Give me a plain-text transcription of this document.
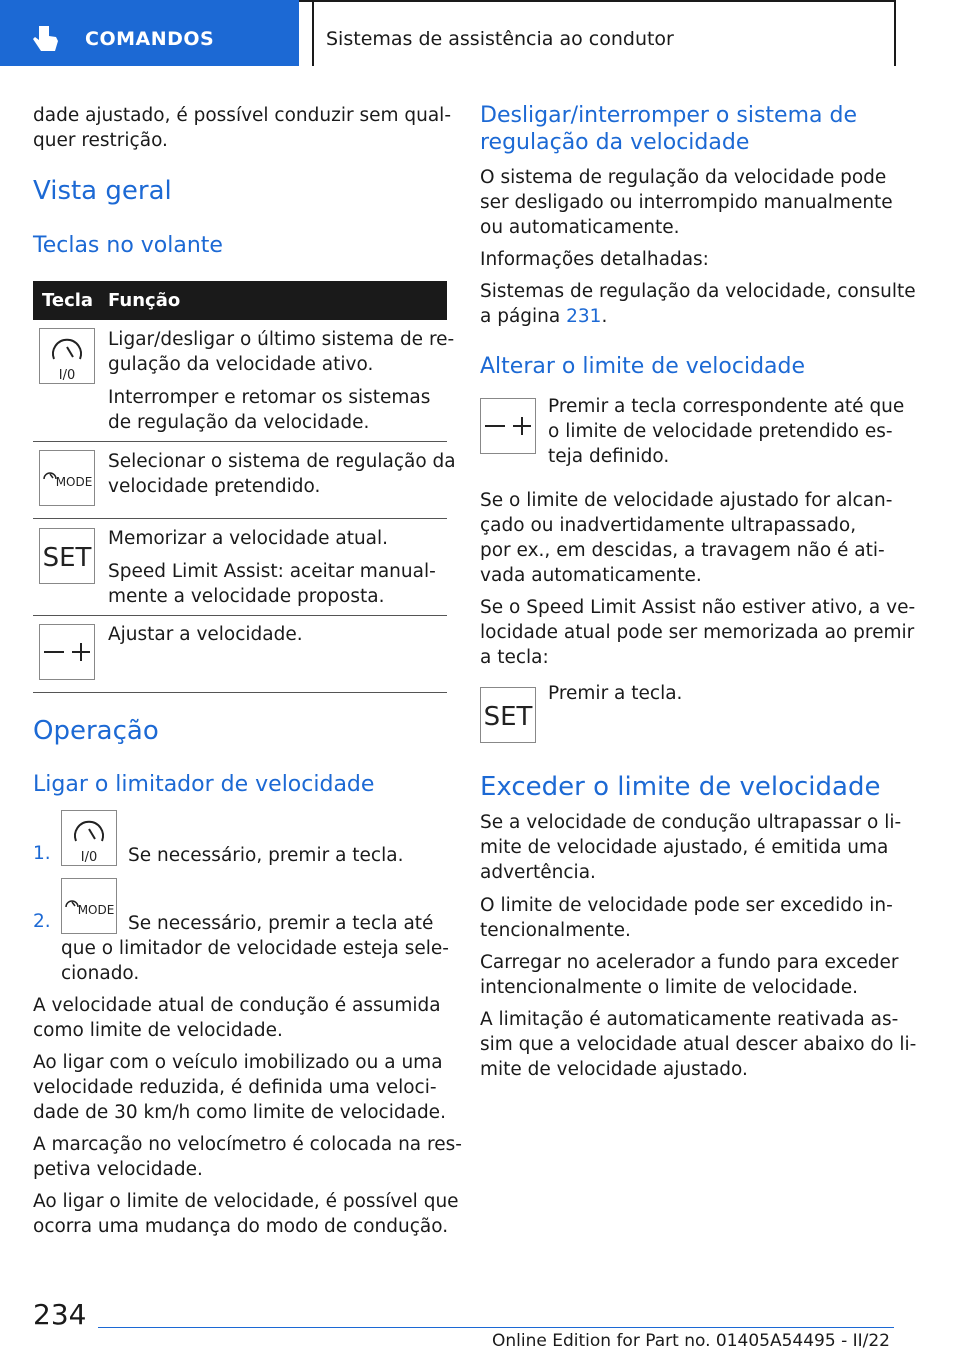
COMANDOS	Sistemas de assistência ao condutor

dade ajustado, é possível conduzir sem qual-
quer restrição.

Vista geral
Teclas no volante
Tecla Função
I/0

Ligar/desligar o último sistema de re-
gulação da velocidade ativo.

Interromper e retomar os sistemas
de regulação da velocidade.

MODE

Selecionar o sistema de regulação da
velocidade pretendido.

SET

Memorizar a velocidade atual.

Speed Limit Assist: aceitar manual-
mente a velocidade proposta.

Ajustar a velocidade.

Operação
Ligar o limitador de velocidade
1. I/0 Se necessário, premir a tecla.

2.
MODE

Se necessário, premir a tecla até

que o limitador de velocidade esteja sele-
cionado.

A velocidade atual de condução é assumida
como limite de velocidade.

Ao ligar com o veículo imobilizado ou a uma
velocidade reduzida, é definida uma veloci-
dade de 30 km/h como limite de velocidade.

A marcação no velocímetro é colocada na res-
petiva velocidade.

Ao ligar o limite de velocidade, é possível que
ocorra uma mudança do modo de condução.

Desligar/interromper o sistema de
regulação da velocidade

O sistema de regulação da velocidade pode
ser desligado ou interrompido manualmente
ou automaticamente.

Informações detalhadas:

Sistemas de regulação da velocidade, consulte
a página 231.

Alterar o limite de velocidade

Premir a tecla correspondente até que
o limite de velocidade pretendido es-
teja definido.

Se o limite de velocidade ajustado for alcan-
çado ou inadvertidamente ultrapassado,
por ex., em descidas, a travagem não é ati-
vada automaticamente.

Se o Speed Limit Assist não estiver ativo, a ve-
locidade atual pode ser memorizada ao premir
a tecla:

SET

Premir a tecla.

Exceder o limite de velocidade

Se a velocidade de condução ultrapassar o li-
mite de velocidade ajustado, é emitida uma
advertência.

O limite de velocidade pode ser excedido in-
tencionalmente.

Carregar no acelerador a fundo para exceder
intencionalmente o limite de velocidade.

A limitação é automaticamente reativada as-
sim que a velocidade atual descer abaixo do li-
mite de velocidade ajustado.

234
Online Edition for Part no. 01405A54495 - II/22
